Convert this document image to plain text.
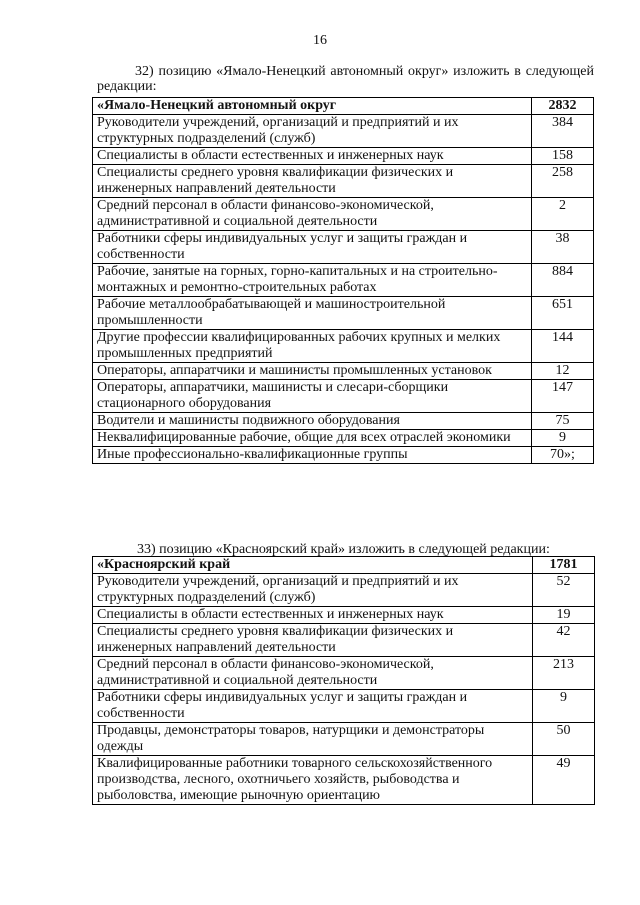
16
32) позицию «Ямало-Ненецкий автономный округ» изложить в следующей редакции:
«Ямало-Ненецкий автономный округ	2832
Руководители учреждений, организаций и предприятий и их структурных подразделений (служб)	384
Специалисты в области естественных и инженерных наук	158
Специалисты среднего уровня квалификации физических и инженерных направлений деятельности	258
Средний персонал в области финансово-экономической, административной и социальной деятельности	2
Работники сферы индивидуальных услуг и защиты граждан и собственности	38
Рабочие, занятые на горных, горно-капитальных и на строительно-монтажных и ремонтно-строительных работах	884
Рабочие металлообрабатывающей и машиностроительной промышленности	651
Другие профессии квалифицированных рабочих крупных и мелких промышленных предприятий	144
Операторы, аппаратчики и машинисты промышленных установок	12
Операторы, аппаратчики, машинисты и слесари-сборщики стационарного оборудования	147
Водители и машинисты подвижного оборудования	75
Неквалифицированные рабочие, общие для всех отраслей экономики	9
Иные профессионально-квалификационные группы	70»;
33) позицию «Красноярский край» изложить в следующей редакции:
«Красноярский край	1781
Руководители учреждений, организаций и предприятий и их структурных подразделений (служб)	52
Специалисты в области естественных и инженерных наук	19
Специалисты среднего уровня квалификации физических и инженерных направлений деятельности	42
Средний персонал в области финансово-экономической, административной и социальной деятельности	213
Работники сферы индивидуальных услуг и защиты граждан и собственности	9
Продавцы, демонстраторы товаров, натурщики и демонстраторы одежды	50
Квалифицированные работники товарного сельскохозяйственного производства, лесного, охотничьего хозяйств, рыбоводства и рыболовства, имеющие рыночную ориентацию	49
